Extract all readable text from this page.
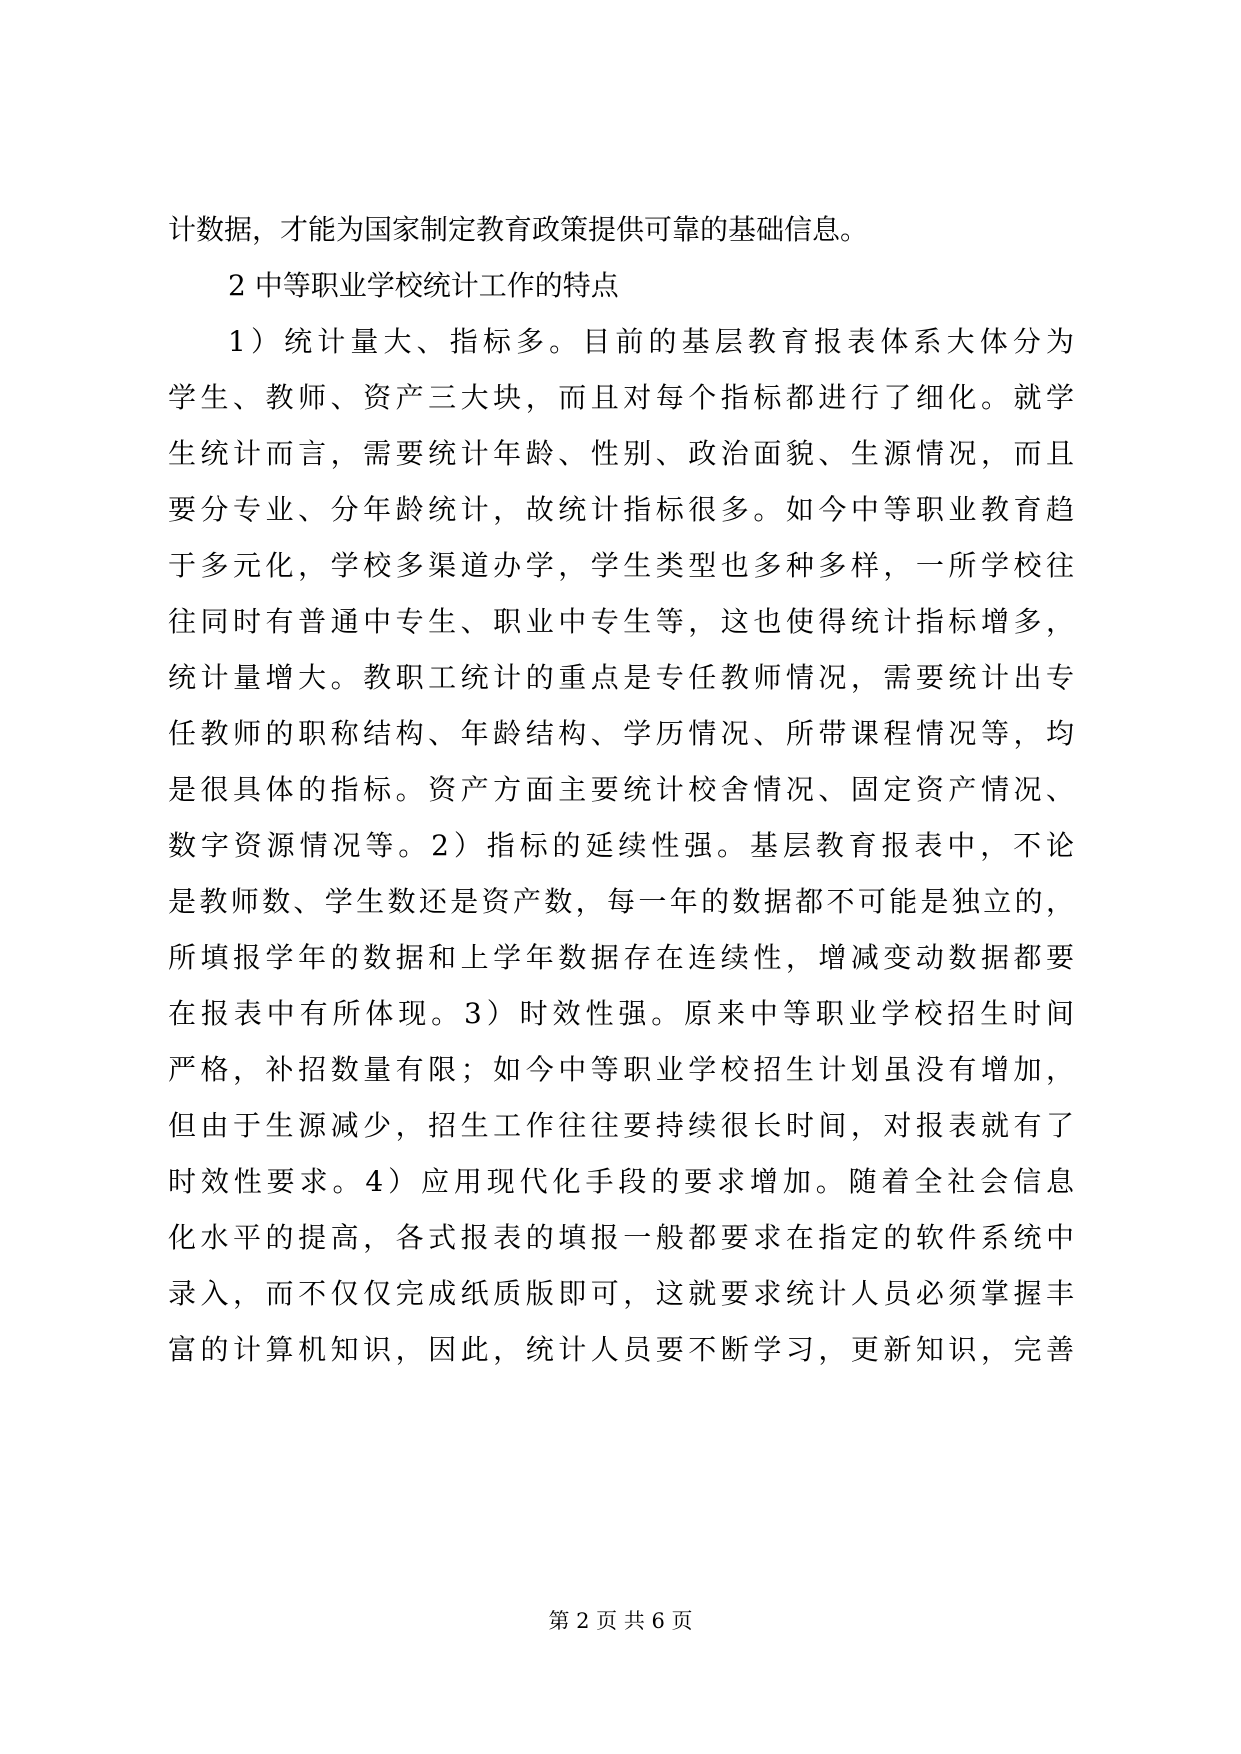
计数据，才能为国家制定教育政策提供可靠的基础信息。
2 中等职业学校统计工作的特点
1）统计量大、指标多。目前的基层教育报表体系大体分为
学生、教师、资产三大块，而且对每个指标都进行了细化。就学
生统计而言，需要统计年龄、性别、政治面貌、生源情况，而且
要分专业、分年龄统计，故统计指标很多。如今中等职业教育趋
于多元化，学校多渠道办学，学生类型也多种多样，一所学校往
往同时有普通中专生、职业中专生等，这也使得统计指标增多，
统计量增大。教职工统计的重点是专任教师情况，需要统计出专
任教师的职称结构、年龄结构、学历情况、所带课程情况等，均
是很具体的指标。资产方面主要统计校舍情况、固定资产情况、
数字资源情况等。2）指标的延续性强。基层教育报表中，不论
是教师数、学生数还是资产数，每一年的数据都不可能是独立的，
所填报学年的数据和上学年数据存在连续性，增减变动数据都要
在报表中有所体现。3）时效性强。原来中等职业学校招生时间
严格，补招数量有限；如今中等职业学校招生计划虽没有增加，
但由于生源减少，招生工作往往要持续很长时间，对报表就有了
时效性要求。4）应用现代化手段的要求增加。随着全社会信息
化水平的提高，各式报表的填报一般都要求在指定的软件系统中
录入，而不仅仅完成纸质版即可，这就要求统计人员必须掌握丰
富的计算机知识，因此，统计人员要不断学习，更新知识，完善
第 2 页 共 6 页
